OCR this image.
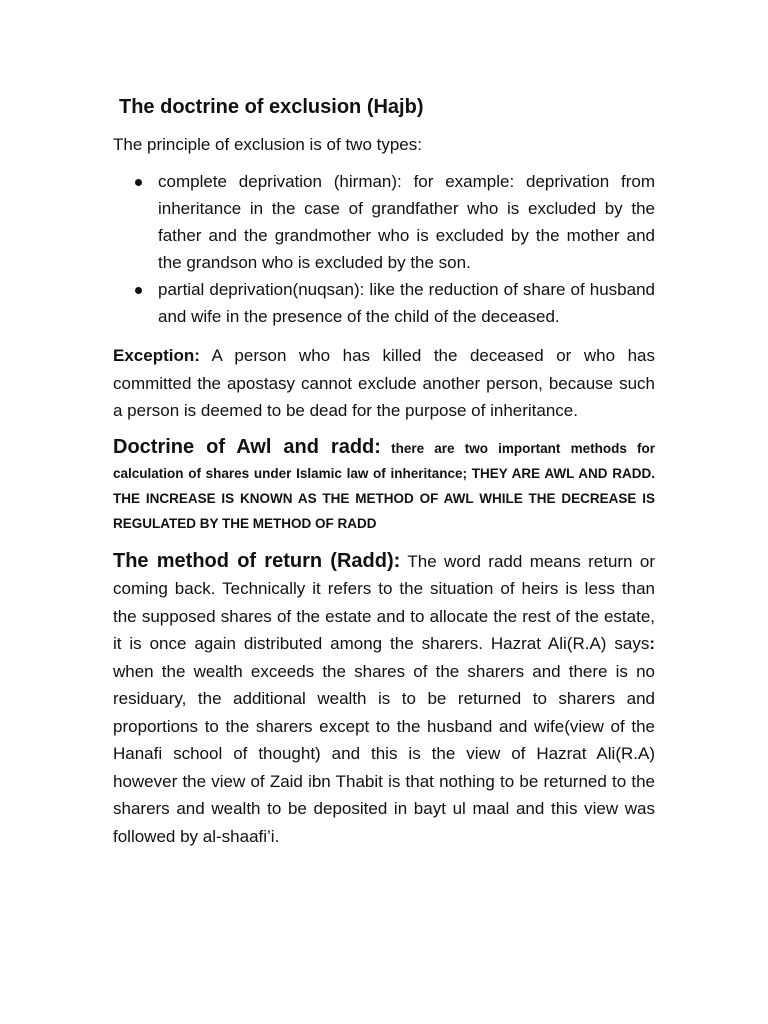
The doctrine of exclusion (Hajb)

The principle of exclusion is of two types:

complete deprivation (hirman): for example: deprivation from inheritance in the case of grandfather who is excluded by the father and the grandmother who is excluded by the mother and the grandson who is excluded by the son.
partial deprivation(nuqsan): like the reduction of share of husband and wife in the presence of the child of the deceased.

Exception: A person who has killed the deceased or who has committed the apostasy cannot exclude another person, because such a person is deemed to be dead for the purpose of inheritance.

Doctrine of Awl and radd: there are two important methods for calculation of shares under Islamic law of inheritance; THEY ARE AWL AND RADD. THE INCREASE IS KNOWN AS THE METHOD OF AWL WHILE THE DECREASE IS REGULATED BY THE METHOD OF RADD

The method of return (Radd): The word radd means return or coming back. Technically it refers to the situation of heirs is less than the supposed shares of the estate and to allocate the rest of the estate, it is once again distributed among the sharers. Hazrat Ali(R.A) says: when the wealth exceeds the shares of the sharers and there is no residuary, the additional wealth is to be returned to sharers and proportions to the sharers except to the husband and wife(view of the Hanafi school of thought) and this is the view of Hazrat Ali(R.A) however the view of Zaid ibn Thabit is that nothing to be returned to the sharers and wealth to be deposited in bayt ul maal and this view was followed by al-shaafi’i.
